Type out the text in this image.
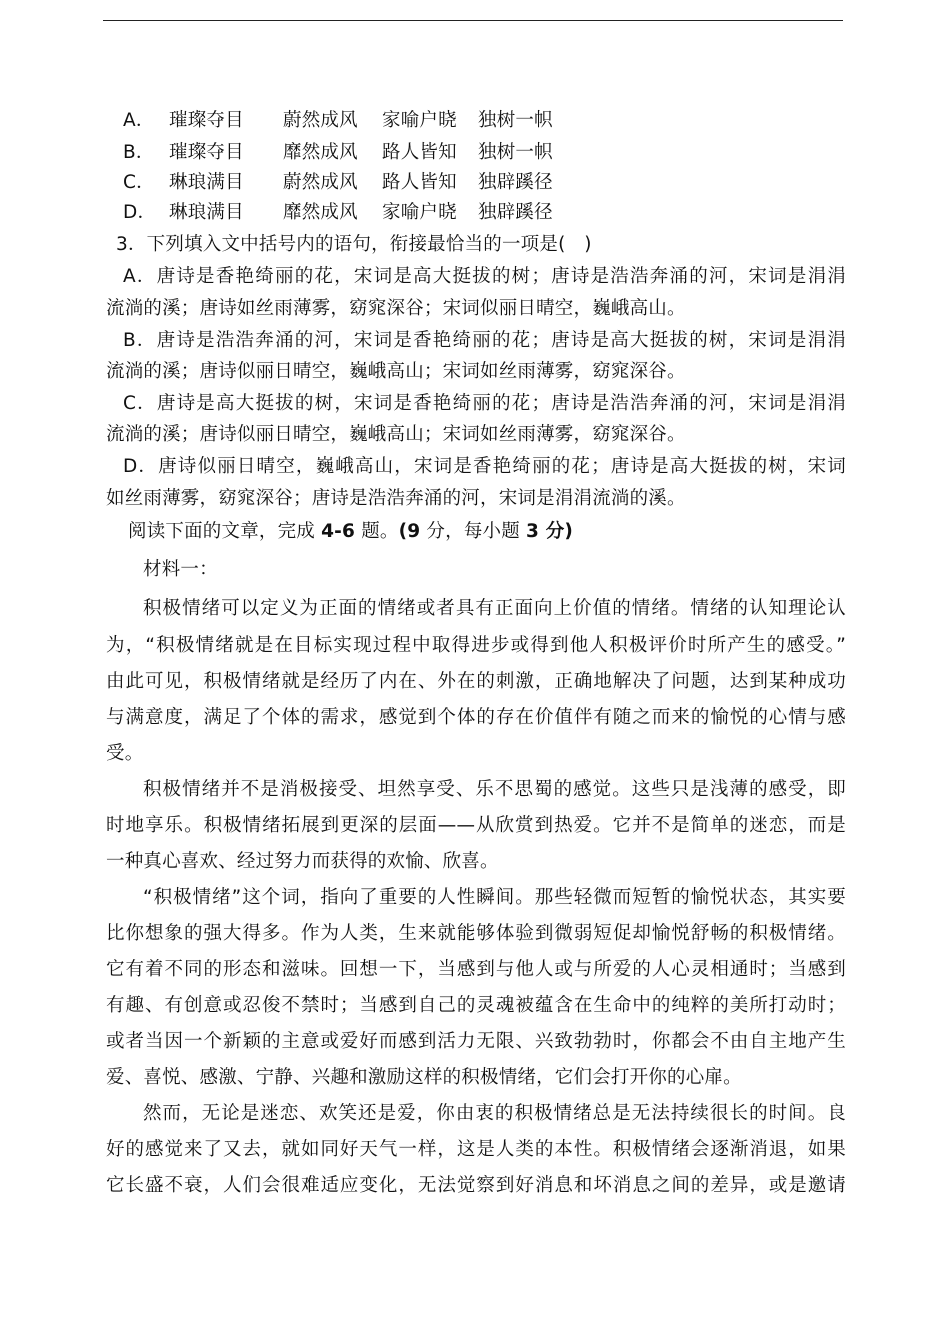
A． 璀璨夺目 蔚然成风 家喻户晓 独树一帜
B． 璀璨夺目 靡然成风 路人皆知 独树一帜
C． 琳琅满目 蔚然成风 路人皆知 独辟蹊径
D． 琳琅满目 靡然成风 家喻户晓 独辟蹊径
3．下列填入文中括号内的语句，衔接最恰当的一项是(　)
A．唐诗是香艳绮丽的花，宋词是高大挺拔的树；唐诗是浩浩奔涌的河，宋词是涓涓
流淌的溪；唐诗如丝雨薄雾，窈窕深谷；宋词似丽日晴空，巍峨高山。
B．唐诗是浩浩奔涌的河，宋词是香艳绮丽的花；唐诗是高大挺拔的树，宋词是涓涓
流淌的溪；唐诗似丽日晴空，巍峨高山；宋词如丝雨薄雾，窈窕深谷。
C．唐诗是高大挺拔的树，宋词是香艳绮丽的花；唐诗是浩浩奔涌的河，宋词是涓涓
流淌的溪；唐诗似丽日晴空，巍峨高山；宋词如丝雨薄雾，窈窕深谷。
D．唐诗似丽日晴空，巍峨高山，宋词是香艳绮丽的花；唐诗是高大挺拔的树，宋词
如丝雨薄雾，窈窕深谷；唐诗是浩浩奔涌的河，宋词是涓涓流淌的溪。
阅读下面的文章，完成 4-6 题。(9 分，每小题 3 分)
材料一：
积极情绪可以定义为正面的情绪或者具有正面向上价值的情绪。情绪的认知理论认
为，“积极情绪就是在目标实现过程中取得进步或得到他人积极评价时所产生的感受。”
由此可见，积极情绪就是经历了内在、外在的刺激，正确地解决了问题，达到某种成功
与满意度，满足了个体的需求，感觉到个体的存在价值伴有随之而来的愉悦的心情与感
受。
积极情绪并不是消极接受、坦然享受、乐不思蜀的感觉。这些只是浅薄的感受，即
时地享乐。积极情绪拓展到更深的层面——从欣赏到热爱。它并不是简单的迷恋，而是
一种真心喜欢、经过努力而获得的欢愉、欣喜。
“积极情绪”这个词，指向了重要的人性瞬间。那些轻微而短暂的愉悦状态，其实要
比你想象的强大得多。作为人类，生来就能够体验到微弱短促却愉悦舒畅的积极情绪。
它有着不同的形态和滋味。回想一下，当感到与他人或与所爱的人心灵相通时；当感到
有趣、有创意或忍俊不禁时；当感到自己的灵魂被蕴含在生命中的纯粹的美所打动时；
或者当因一个新颖的主意或爱好而感到活力无限、兴致勃勃时，你都会不由自主地产生
爱、喜悦、感激、宁静、兴趣和激励这样的积极情绪，它们会打开你的心扉。
然而，无论是迷恋、欢笑还是爱，你由衷的积极情绪总是无法持续很长的时间。良
好的感觉来了又去，就如同好天气一样，这是人类的本性。积极情绪会逐渐消退，如果
它长盛不衰，人们会很难适应变化，无法觉察到好消息和坏消息之间的差异，或是邀请
